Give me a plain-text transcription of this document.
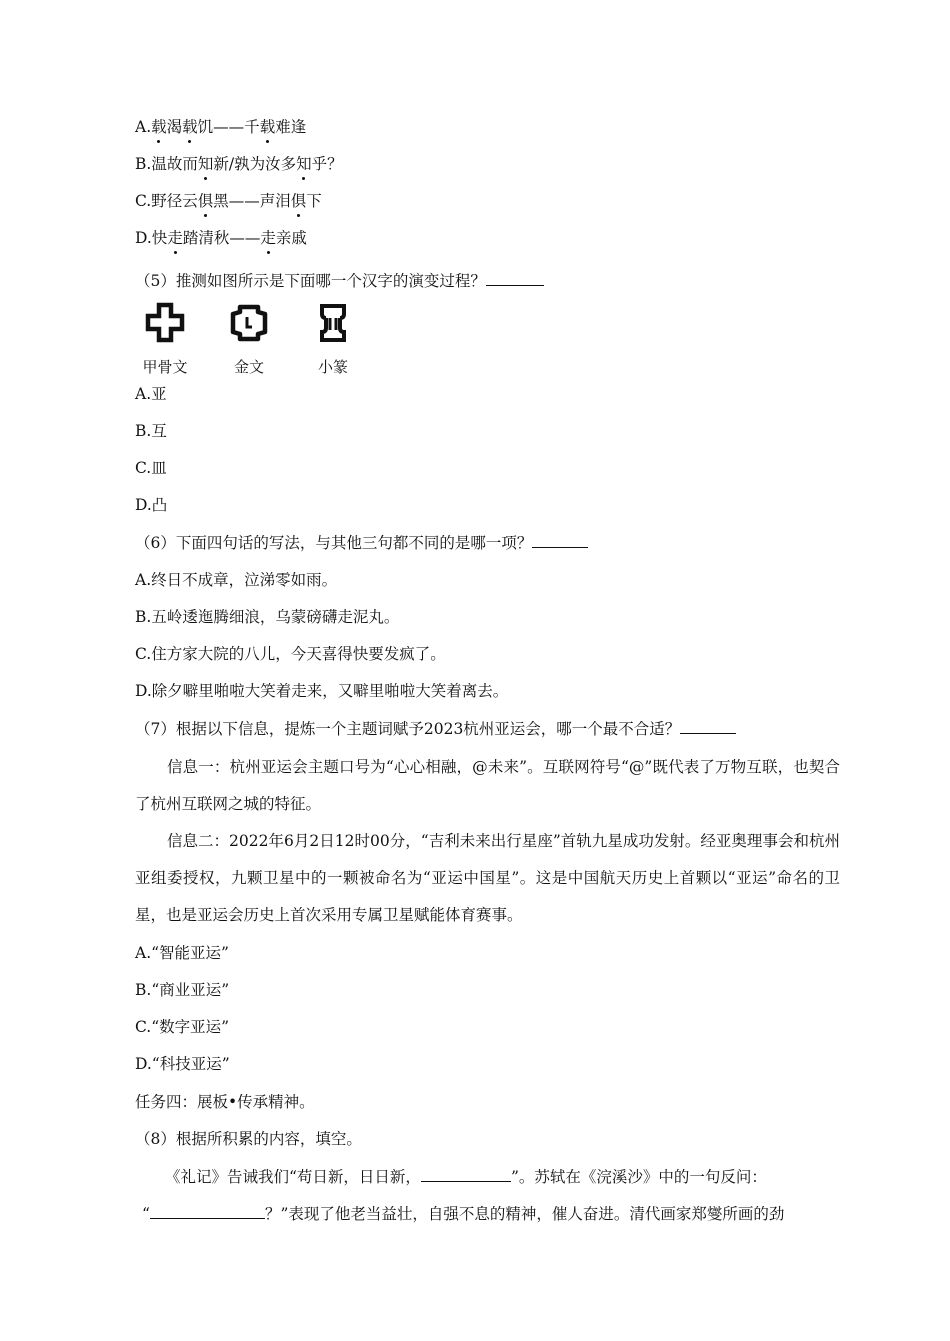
A.载渴载饥——千载难逢
B.温故而知新/孰为汝多知乎？
C.野径云俱黑——声泪俱下
D.快走踏清秋——走亲戚
（5）推测如图所示是下面哪一个汉字的演变过程？
甲骨文	金文	小篆
A.亚
B.互
C.皿
D.凸
（6）下面四句话的写法，与其他三句都不同的是哪一项？
A.终日不成章，泣涕零如雨。
B.五岭逶迤腾细浪，乌蒙磅礴走泥丸。
C.住方家大院的八儿，今天喜得快要发疯了。
D.除夕噼里啪啦大笑着走来，又噼里啪啦大笑着离去。
（7）根据以下信息，提炼一个主题词赋予2023杭州亚运会，哪一个最不合适？
信息一：杭州亚运会主题口号为“心心相融，@未来”。互联网符号“@”既代表了万物互联，也契合了杭州互联网之城的特征。
信息二：2022年6月2日12时00分，“吉利未来出行星座”首轨九星成功发射。经亚奥理事会和杭州亚组委授权，九颗卫星中的一颗被命名为“亚运中国星”。这是中国航天历史上首颗以“亚运”命名的卫星，也是亚运会历史上首次采用专属卫星赋能体育赛事。
A.“智能亚运”
B.“商业亚运”
C.“数字亚运”
D.“科技亚运”
任务四：展板•传承精神。
（8）根据所积累的内容，填空。
《礼记》告诫我们“苟日新，日日新，	”。苏轼在《浣溪沙》中的一句反问：
“	？”表现了他老当益壮，自强不息的精神，催人奋进。清代画家郑燮所画的劲
